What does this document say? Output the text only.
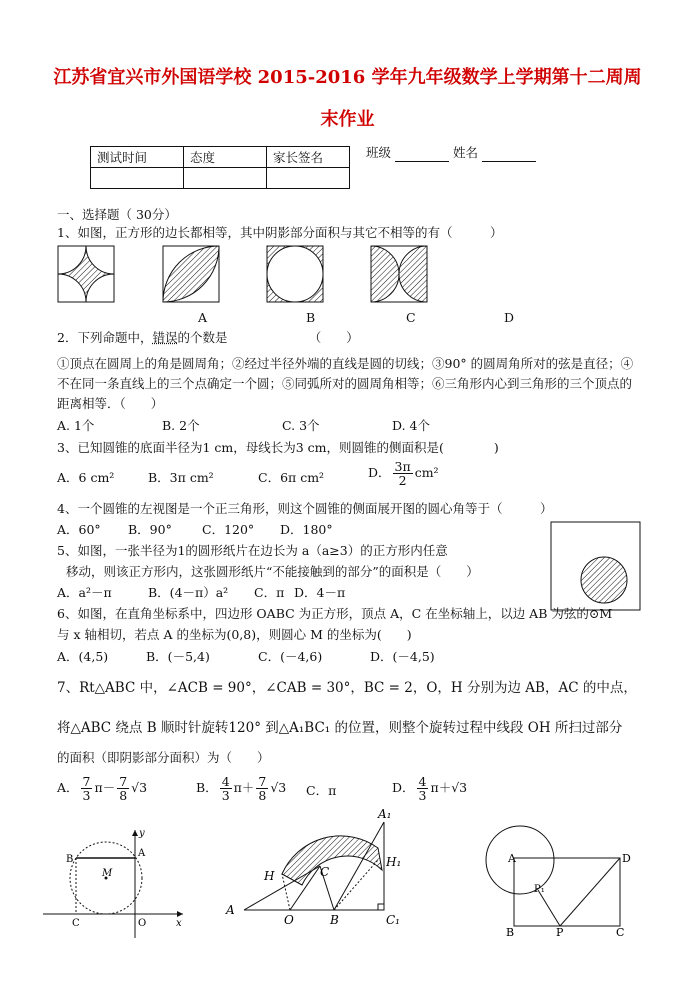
江苏省宜兴市外国语学校 2015-2016 学年九年级数学上学期第十二周周
末作业
测试时间	态度	家长签名
			班级	姓名
一、选择题（ 30分）
1、如图，正方形的边长都相等，其中阴影部分面积与其它不相等的有（　　　）
A	B	C	D
2．下列命题中，错误的个数是　　　　　　　（　　）
①顶点在圆周上的角是圆周角；②经过半径外端的直线是圆的切线；③90° 的圆周角所对的弦是直径；④不在同一条直线上的三个点确定一个圆；⑤同弧所对的圆周角相等；⑥三角形内心到三角形的三个顶点的距离相等．（　　）
A. 1个	B. 2个	C. 3个	D. 4个
3、已知圆锥的底面半径为1 cm，母线长为3 cm，则圆锥的侧面积是(　　　　)
A．6 cm²	B．3π cm²	C．6π cm²	D． $\frac{3\pi}{2} cm^2$
4、一个圆锥的左视图是一个正三角形，则这个圆锥的侧面展开图的圆心角等于（　　　）
A．60° B．90° C．120° D．180°
5、如图，一张半径为1的圆形纸片在边长为 a（a≥3）的正方形内任意
移动，则该正方形内，这张圆形纸片“不能接触到的部分”的面积是（　　）
A．a²－π	B．(4－π）a² C．π D．4－π
6、如图，在直角坐标系中，四边形 OABC 为正方形，顶点 A，C 在坐标轴上，以边 AB 为弦的⊙M
与 x 轴相切，若点 A 的坐标为(0,8)，则圆心 M 的坐标为(　　)
A．(4,5)	B．(－5,4)	C．(－4,6)	D．(－4,5)
7、Rt△ABC 中，∠ACB = 90°，∠CAB = 30°，BC = 2，O，H 分别为边 AB，AC 的中点，
将△ABC 绕点 B 顺时针旋转120° 到△A₁BC₁ 的位置，则整个旋转过程中线段 OH 所扫过部分
的面积（即阴影部分面积）为（　　）
A． $\frac{7}{3} \pi- \frac{7}{8} √3$	B． $\frac{4}{3} \pi+ \frac{7}{8} √3$ C．π	D． $\frac{4}{3} \pi+√3$
B
A
M
O
C	x
y
A₁
H₁
C₁
H	C
A
O	B
A	D
P₁
B	P	C
